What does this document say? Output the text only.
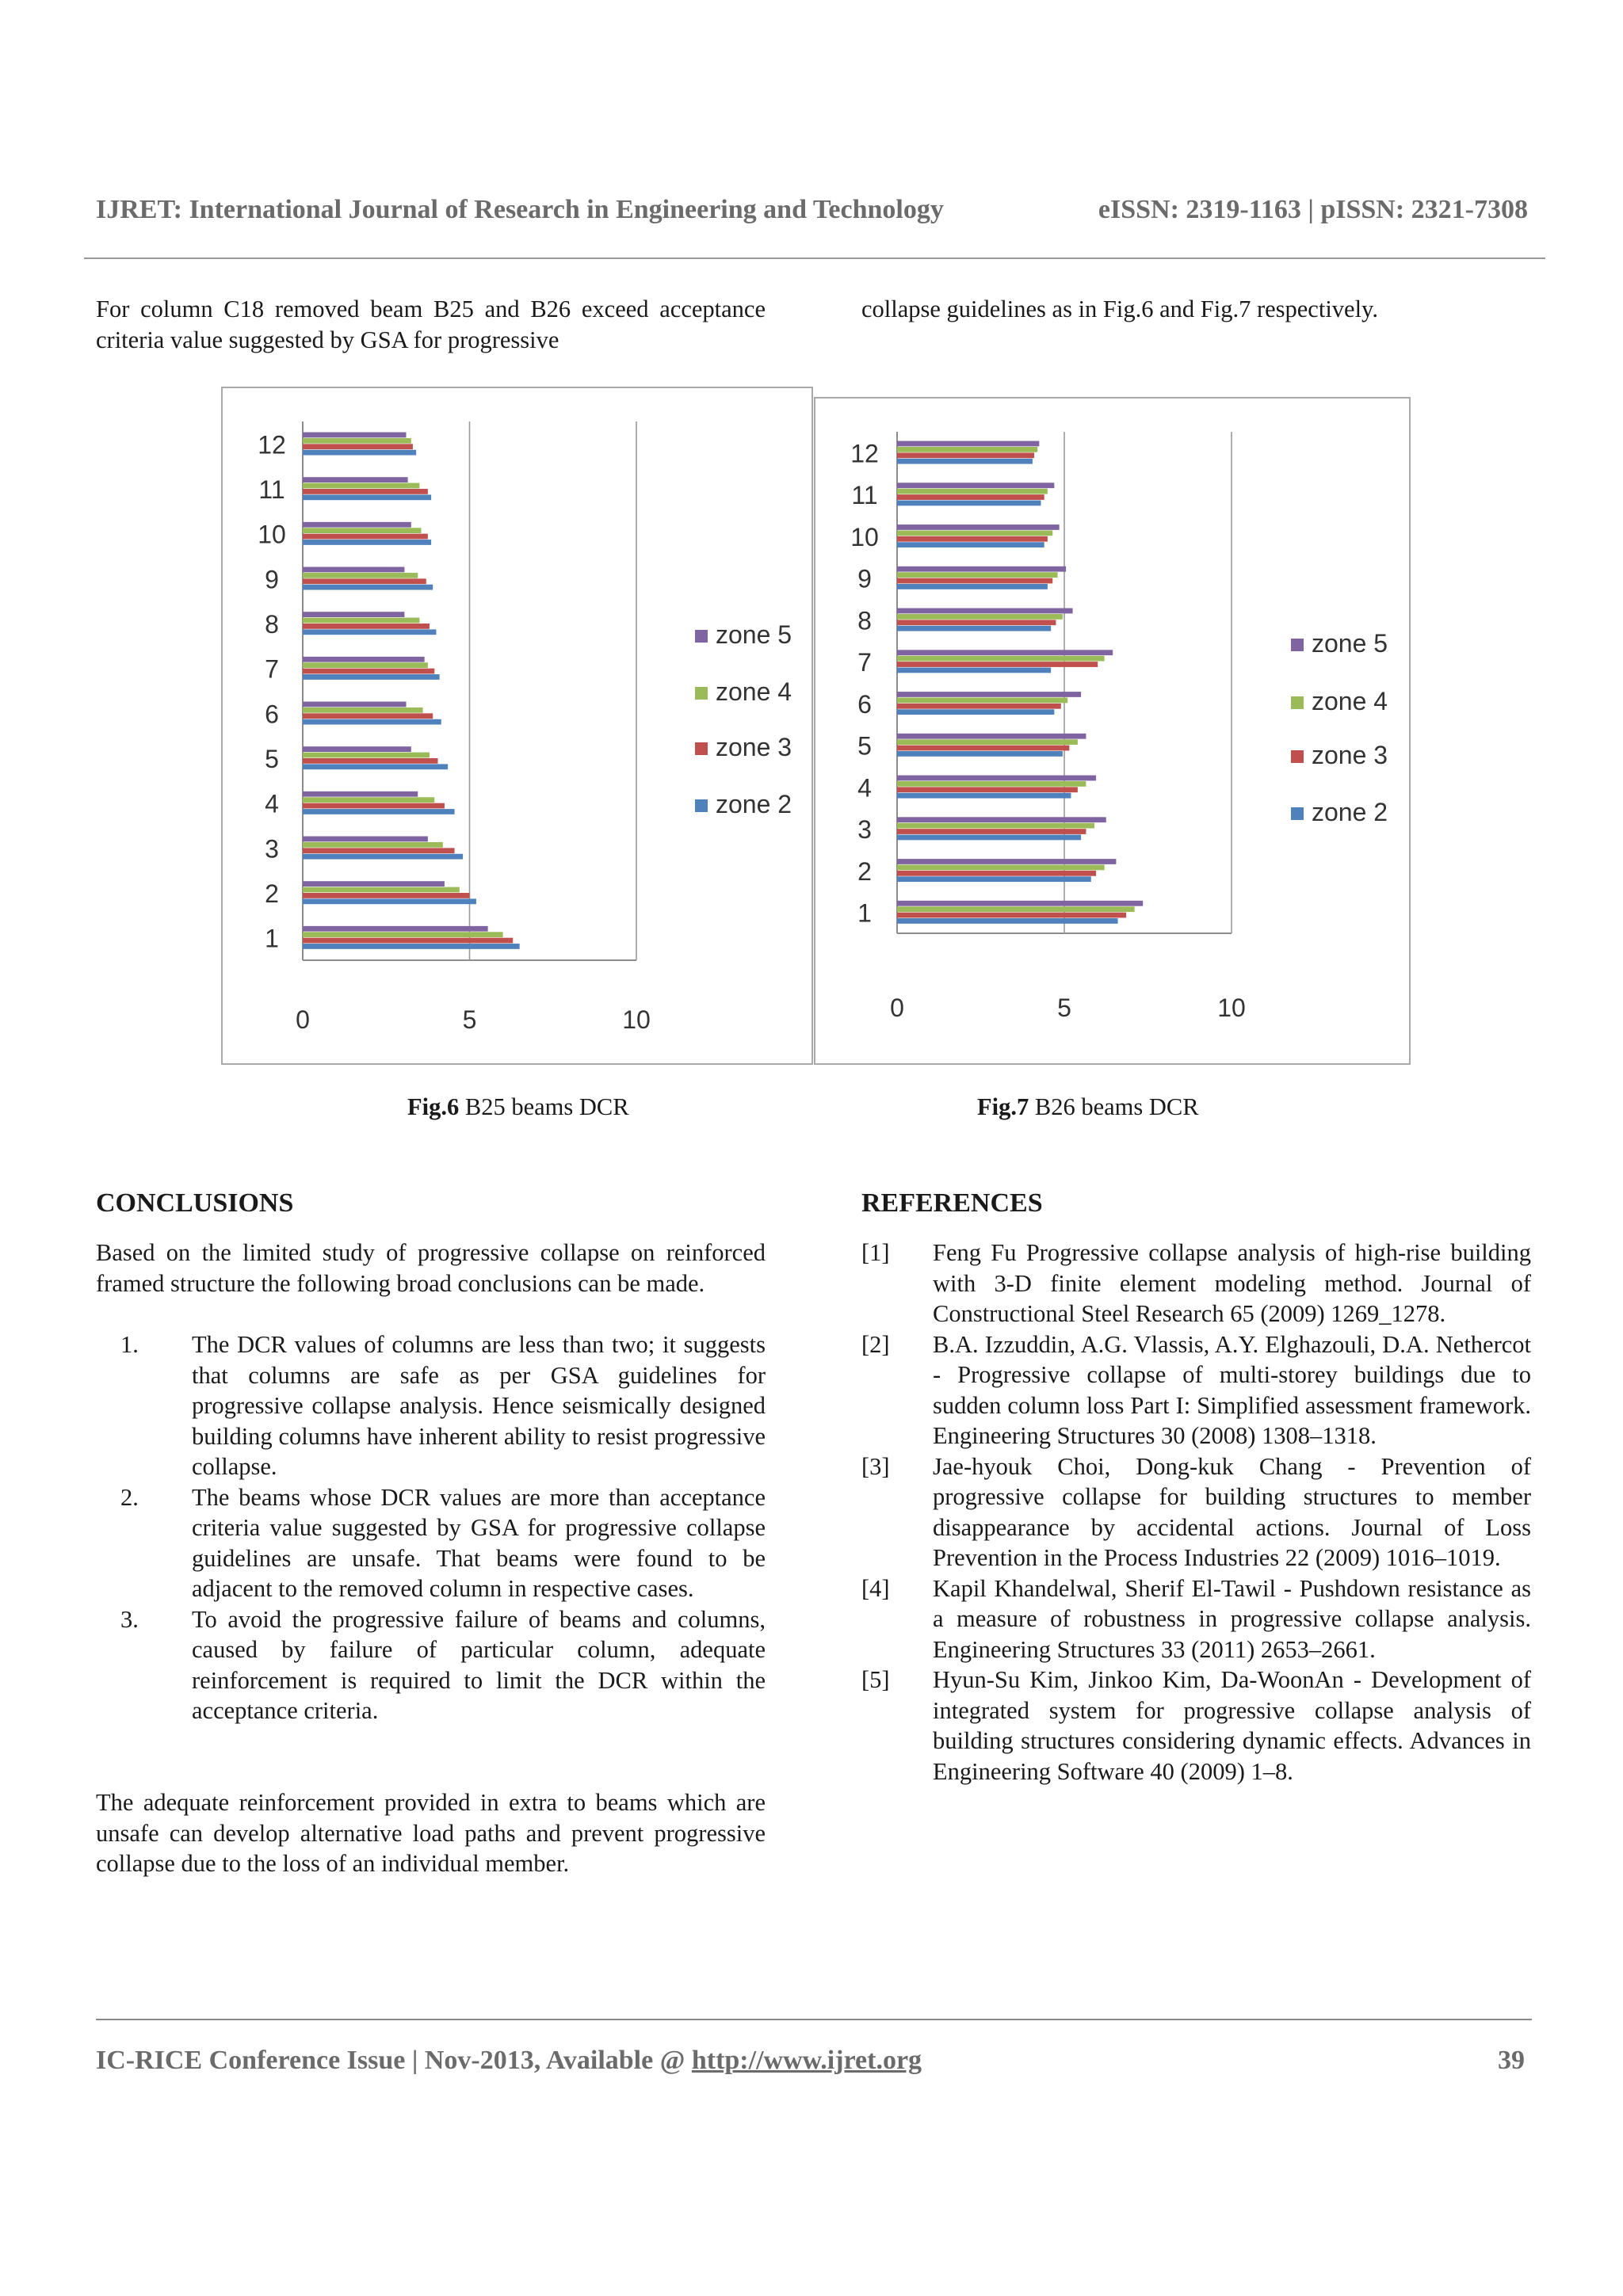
IJRET: International Journal of Research in Engineering and Technology	eISSN: 2319-1163 | pISSN: 2321-7308
For column C18 removed beam B25 and B26 exceed acceptance criteria value suggested by GSA for progressive
collapse guidelines as in Fig.6 and Fig.7 respectively.
0	5	10
1
2
3
4
5
6
7
8
9
10
11
12
zone 5
zone 4
zone 3
zone 2
0	5	10
1
2
3
4
5
6
7
8
9
10
11
12
zone 5
zone 4
zone 3
zone 2
Fig.6 B25 beams DCR	Fig.7 B26 beams DCR
CONCLUSIONS
Based on the limited study of progressive collapse on reinforced framed structure the following broad conclusions can be made.
1. The DCR values of columns are less than two; it suggests that columns are safe as per GSA guidelines for progressive collapse analysis. Hence seismically designed building columns have inherent ability to resist progressive collapse.
2. The beams whose DCR values are more than acceptance criteria value suggested by GSA for progressive collapse guidelines are unsafe. That beams were found to be adjacent to the removed column in respective cases.
3. To avoid the progressive failure of beams and columns, caused by failure of particular column, adequate reinforcement is required to limit the DCR within the acceptance criteria.
The adequate reinforcement provided in extra to beams which are unsafe can develop alternative load paths and prevent progressive collapse due to the loss of an individual member.
REFERENCES
[1] Feng Fu Progressive collapse analysis of high-rise building with 3-D finite element modeling method. Journal of Constructional Steel Research 65 (2009) 1269_1278.
[2] B.A. Izzuddin, A.G. Vlassis, A.Y. Elghazouli, D.A. Nethercot - Progressive collapse of multi-storey buildings due to sudden column loss Part I: Simplified assessment framework. Engineering Structures 30 (2008) 1308–1318.
[3] Jae-hyouk Choi, Dong-kuk Chang - Prevention of progressive collapse for building structures to member disappearance by accidental actions. Journal of Loss Prevention in the Process Industries 22 (2009) 1016–1019.
[4] Kapil Khandelwal, Sherif El-Tawil - Pushdown resistance as a measure of robustness in progressive collapse analysis. Engineering Structures 33 (2011) 2653–2661.
[5] Hyun-Su Kim, Jinkoo Kim, Da-WoonAn - Development of integrated system for progressive collapse analysis of building structures considering dynamic effects. Advances in Engineering Software 40 (2009) 1–8.
IC-RICE Conference Issue | Nov-2013, Available @ http://www.ijret.org	39
